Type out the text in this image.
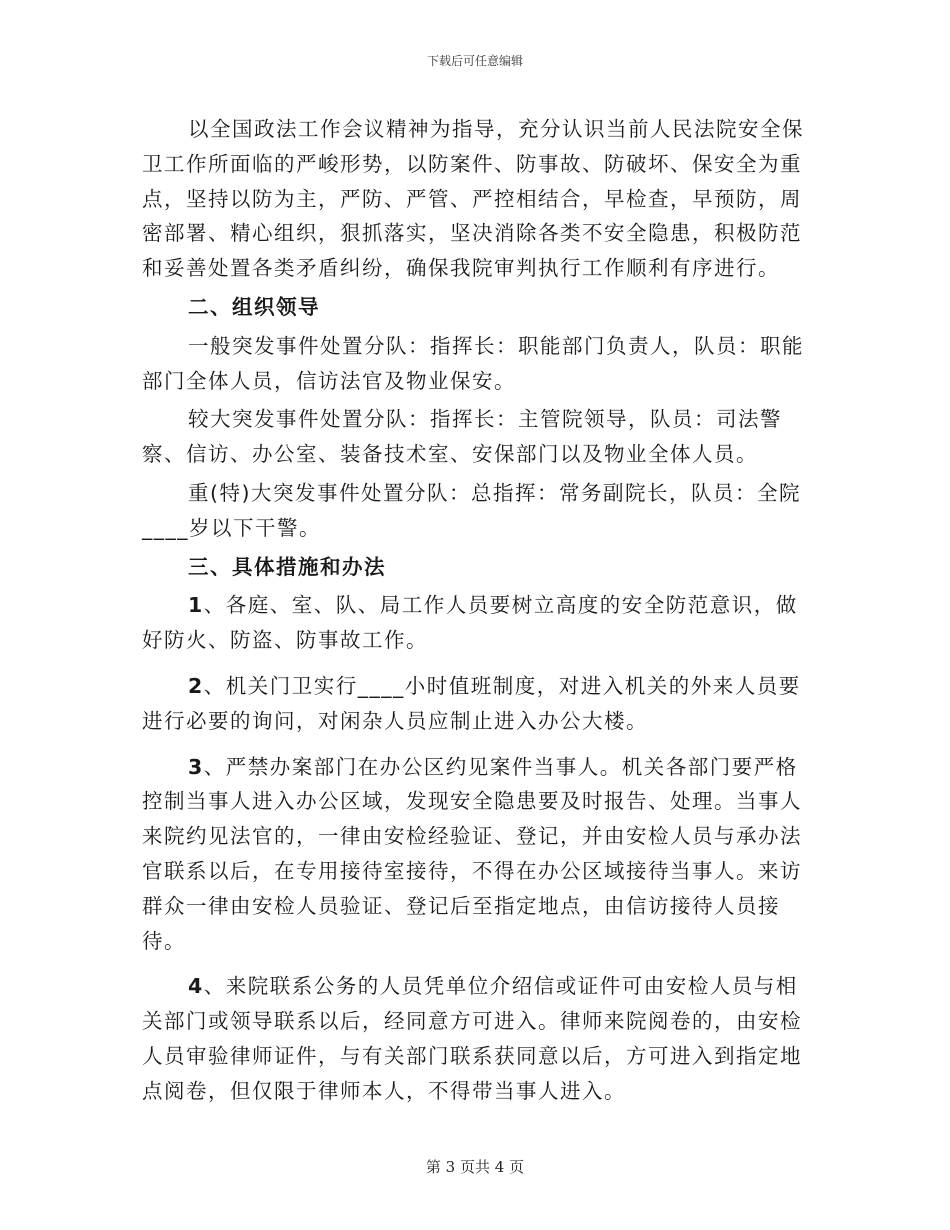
下载后可任意编辑

以全国政法工作会议精神为指导，充分认识当前人民法院安全保卫工作所面临的严峻形势，以防案件、防事故、防破坏、保安全为重点，坚持以防为主，严防、严管、严控相结合，早检查，早预防，周密部署、精心组织，狠抓落实，坚决消除各类不安全隐患，积极防范和妥善处置各类矛盾纠纷，确保我院审判执行工作顺利有序进行。

二、组织领导

一般突发事件处置分队：指挥长：职能部门负责人，队员：职能部门全体人员，信访法官及物业保安。

较大突发事件处置分队：指挥长：主管院领导，队员：司法警察、信访、办公室、装备技术室、安保部门以及物业全体人员。

重(特)大突发事件处置分队：总指挥：常务副院长，队员：全院____岁以下干警。

三、具体措施和办法

1、各庭、室、队、局工作人员要树立高度的安全防范意识，做好防火、防盗、防事故工作。

2、机关门卫实行____小时值班制度，对进入机关的外来人员要进行必要的询问，对闲杂人员应制止进入办公大楼。

3、严禁办案部门在办公区约见案件当事人。机关各部门要严格控制当事人进入办公区域，发现安全隐患要及时报告、处理。当事人来院约见法官的，一律由安检经验证、登记，并由安检人员与承办法官联系以后，在专用接待室接待，不得在办公区域接待当事人。来访群众一律由安检人员验证、登记后至指定地点，由信访接待人员接待。

4、来院联系公务的人员凭单位介绍信或证件可由安检人员与相关部门或领导联系以后，经同意方可进入。律师来院阅卷的，由安检人员审验律师证件，与有关部门联系获同意以后，方可进入到指定地点阅卷，但仅限于律师本人，不得带当事人进入。

第 3 页共 4 页
